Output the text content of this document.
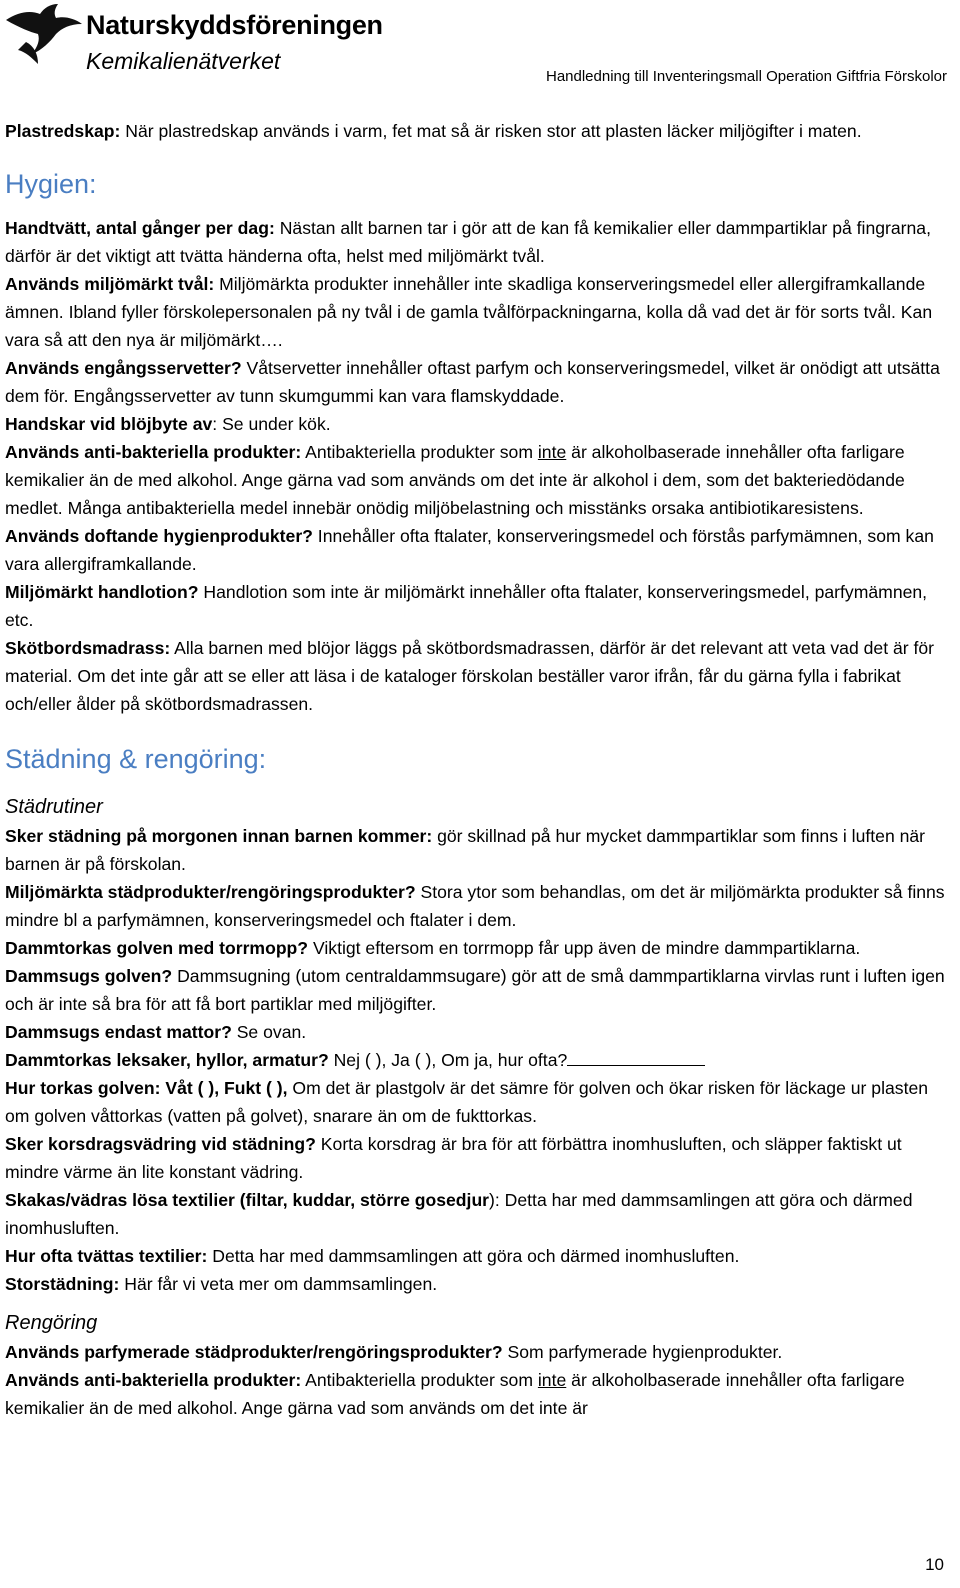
Naturskyddsföreningen
Kemikalienätverket
Handledning till Inventeringsmall Operation Giftfria Förskolor

Plastredskap: När plastredskap används i varm, fet mat så är risken stor att plasten läcker miljögifter i maten.

Hygien:

Handtvätt, antal gånger per dag: Nästan allt barnen tar i gör att de kan få kemikalier eller dammpartiklar på fingrarna, därför är det viktigt att tvätta händerna ofta, helst med miljömärkt tvål.

Används miljömärkt tvål: Miljömärkta produkter innehåller inte skadliga konserveringsmedel eller allergiframkallande ämnen. Ibland fyller förskolepersonalen på ny tvål i de gamla tvålförpackningarna, kolla då vad det är för sorts tvål. Kan vara så att den nya är miljömärkt….

Används engångsservetter? Våtservetter innehåller oftast parfym och konserveringsmedel, vilket är onödigt att utsätta dem för. Engångsservetter av tunn skumgummi kan vara flamskyddade.

Handskar vid blöjbyte av: Se under kök.

Används anti-bakteriella produkter: Antibakteriella produkter som inte är alkoholbaserade innehåller ofta farligare kemikalier än de med alkohol. Ange gärna vad som används om det inte är alkohol i dem, som det bakteriedödande medlet. Många antibakteriella medel innebär onödig miljöbelastning och misstänks orsaka antibiotikaresistens.

Används doftande hygienprodukter? Innehåller ofta ftalater, konserveringsmedel och förstås parfymämnen, som kan vara allergiframkallande.

Miljömärkt handlotion? Handlotion som inte är miljömärkt innehåller ofta ftalater, konserveringsmedel, parfymämnen, etc.

Skötbordsmadrass: Alla barnen med blöjor läggs på skötbordsmadrassen, därför är det relevant att veta vad det är för material. Om det inte går att se eller att läsa i de kataloger förskolan beställer varor ifrån, får du gärna fylla i fabrikat och/eller ålder på skötbordsmadrassen.

Städning & rengöring:

Städrutiner

Sker städning på morgonen innan barnen kommer: gör skillnad på hur mycket dammpartiklar som finns i luften när barnen är på förskolan.

Miljömärkta städprodukter/rengöringsprodukter? Stora ytor som behandlas, om det är miljömärkta produkter så finns mindre bl a parfymämnen, konserveringsmedel och ftalater i dem.

Dammtorkas golven med torrmopp? Viktigt eftersom en torrmopp får upp även de mindre dammpartiklarna.

Dammsugs golven? Dammsugning (utom centraldammsugare) gör att de små dammpartiklarna virvlas runt i luften igen och är inte så bra för att få bort partiklar med miljögifter.

Dammsugs endast mattor? Se ovan.

Dammtorkas leksaker, hyllor, armatur? Nej ( ), Ja ( ), Om ja, hur ofta?

Hur torkas golven: Våt ( ), Fukt ( ), Om det är plastgolv är det sämre för golven och ökar risken för läckage ur plasten om golven våttorkas (vatten på golvet), snarare än om de fukttorkas.

Sker korsdragsvädring vid städning? Korta korsdrag är bra för att förbättra inomhusluften, och släpper faktiskt ut mindre värme än lite konstant vädring.

Skakas/vädras lösa textilier (filtar, kuddar, större gosedjur): Detta har med dammsamlingen att göra och därmed inomhusluften.

Hur ofta tvättas textilier: Detta har med dammsamlingen att göra och därmed inomhusluften.

Storstädning: Här får vi veta mer om dammsamlingen.

Rengöring

Används parfymerade städprodukter/rengöringsprodukter? Som parfymerade hygienprodukter.

Används anti-bakteriella produkter: Antibakteriella produkter som inte är alkoholbaserade innehåller ofta farligare kemikalier än de med alkohol. Ange gärna vad som används om det inte är

10
